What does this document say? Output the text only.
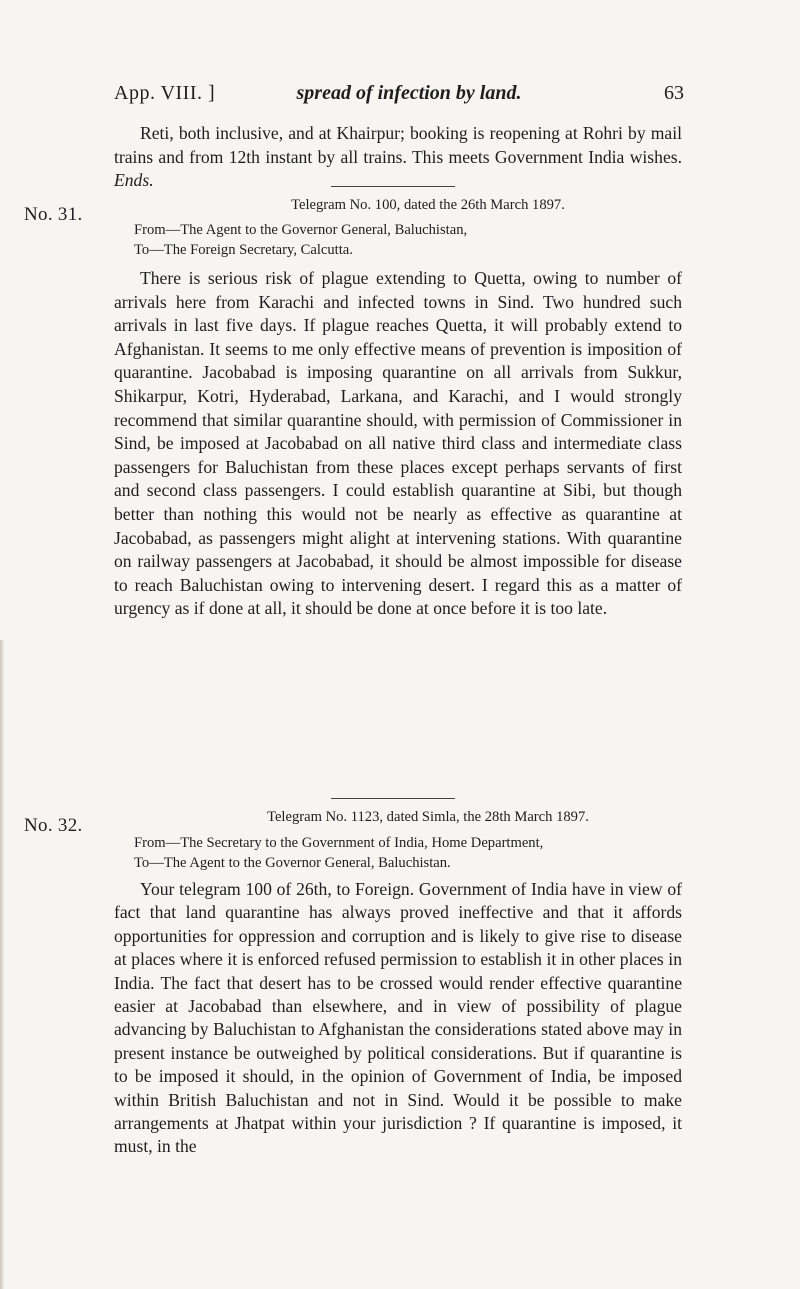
App. VIII. ]	spread of infection by land.	63

Reti, both inclusive, and at Khairpur; booking is reopening at Rohri by mail trains and from 12th instant by all trains. This meets Government India wishes. Ends.

No. 31.	Telegram No. 100, dated the 26th March 1897.
From—The Agent to the Governor General, Baluchistan,
To—The Foreign Secretary, Calcutta.

There is serious risk of plague extending to Quetta, owing to number of arrivals here from Karachi and infected towns in Sind. Two hundred such arrivals in last five days. If plague reaches Quetta, it will probably extend to Afghanistan. It seems to me only effective means of prevention is imposition of quarantine. Jacobabad is imposing quarantine on all arrivals from Sukkur, Shikarpur, Kotri, Hyderabad, Larkana, and Karachi, and I would strongly recommend that similar quarantine should, with permission of Commissioner in Sind, be imposed at Jacobabad on all native third class and intermediate class passengers for Baluchistan from these places except perhaps servants of first and second class passengers. I could establish quarantine at Sibi, but though better than nothing this would not be nearly as effective as quarantine at Jacobabad, as passengers might alight at intervening stations. With quarantine on railway passengers at Jacobabad, it should be almost impossible for disease to reach Baluchistan owing to intervening desert. I regard this as a matter of urgency as if done at all, it should be done at once before it is too late.

No. 32.	Telegram No. 1123, dated Simla, the 28th March 1897.
From—The Secretary to the Government of India, Home Department,
To—The Agent to the Governor General, Baluchistan.

Your telegram 100 of 26th, to Foreign. Government of India have in view of fact that land quarantine has always proved ineffective and that it affords opportunities for oppression and corruption and is likely to give rise to disease at places where it is enforced refused permission to establish it in other places in India. The fact that desert has to be crossed would render effective quarantine easier at Jacobabad than elsewhere, and in view of possibility of plague advancing by Baluchistan to Afghanistan the considerations stated above may in present instance be outweighed by political considerations. But if quarantine is to be imposed it should, in the opinion of Government of India, be imposed within British Baluchistan and not in Sind. Would it be possible to make arrangements at Jhatpat within your jurisdiction ? If quarantine is imposed, it must, in the
